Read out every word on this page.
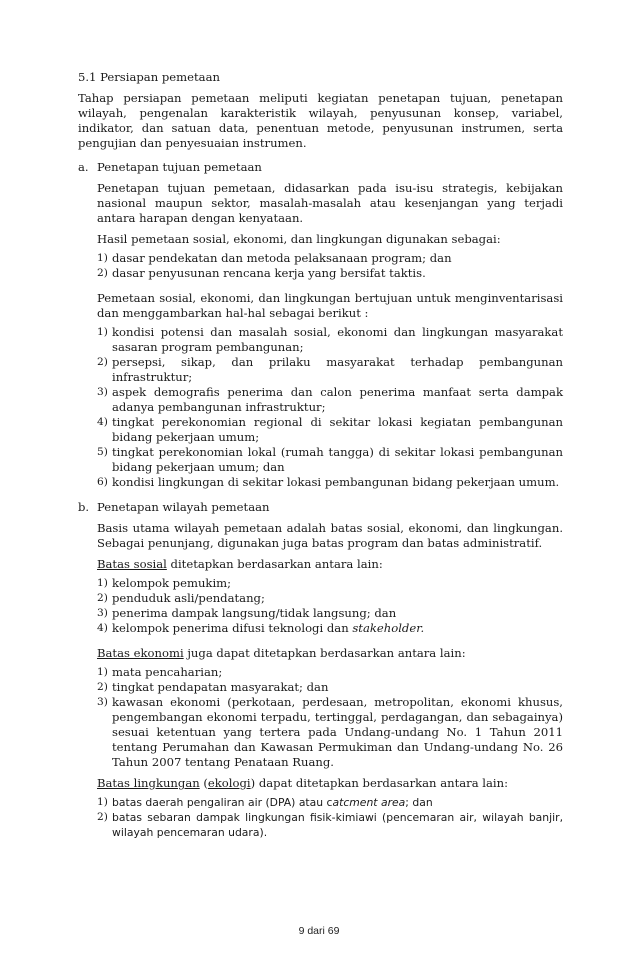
5.1 Persiapan pemetaan

Tahap persiapan pemetaan meliputi kegiatan penetapan tujuan, penetapan wilayah, pengenalan karakteristik wilayah, penyusunan konsep, variabel, indikator, dan satuan data, penentuan metode, penyusunan instrumen, serta pengujian dan penyesuaian instrumen.

a. Penetapan tujuan pemetaan

Penetapan tujuan pemetaan, didasarkan pada isu-isu strategis, kebijakan nasional maupun sektor, masalah-masalah atau kesenjangan yang terjadi antara harapan dengan kenyataan.

Hasil pemetaan sosial, ekonomi, dan lingkungan digunakan sebagai:

1) dasar pendekatan dan metoda pelaksanaan program; dan
2) dasar penyusunan rencana kerja yang bersifat taktis.

Pemetaan sosial, ekonomi, dan lingkungan bertujuan untuk menginventarisasi dan menggambarkan hal-hal sebagai berikut :

1) kondisi potensi dan masalah sosial, ekonomi dan lingkungan masyarakat sasaran program pembangunan;
2) persepsi, sikap, dan prilaku masyarakat terhadap pembangunan infrastruktur;
3) aspek demografis penerima dan calon penerima manfaat serta dampak adanya pembangunan infrastruktur;
4) tingkat perekonomian regional di sekitar lokasi kegiatan pembangunan bidang pekerjaan umum;
5) tingkat perekonomian lokal (rumah tangga) di sekitar lokasi pembangunan bidang pekerjaan umum; dan
6) kondisi lingkungan di sekitar lokasi pembangunan bidang pekerjaan umum.
b. Penetapan wilayah pemetaan

Basis utama wilayah pemetaan adalah batas sosial, ekonomi, dan lingkungan. Sebagai penunjang, digunakan juga batas program dan batas administratif.

Batas sosial ditetapkan berdasarkan antara lain:

1) kelompok pemukim;
2) penduduk asli/pendatang;
3) penerima dampak langsung/tidak langsung; dan
4) kelompok penerima difusi teknologi dan stakeholder.

Batas ekonomi juga dapat ditetapkan berdasarkan antara lain:

1) mata pencaharian;
2) tingkat pendapatan masyarakat; dan
3) kawasan ekonomi (perkotaan, perdesaan, metropolitan, ekonomi khusus, pengembangan ekonomi terpadu, tertinggal, perdagangan, dan sebagainya) sesuai ketentuan yang tertera pada Undang-undang No. 1 Tahun 2011 tentang Perumahan dan Kawasan Permukiman dan Undang-undang No. 26 Tahun 2007 tentang Penataan Ruang.

Batas lingkungan (ekologi) dapat ditetapkan berdasarkan antara lain:

1) batas daerah pengaliran air (DPA) atau catcment area; dan
2) batas sebaran dampak lingkungan fisik-kimiawi (pencemaran air, wilayah banjir, wilayah pencemaran udara).
9 dari 69
